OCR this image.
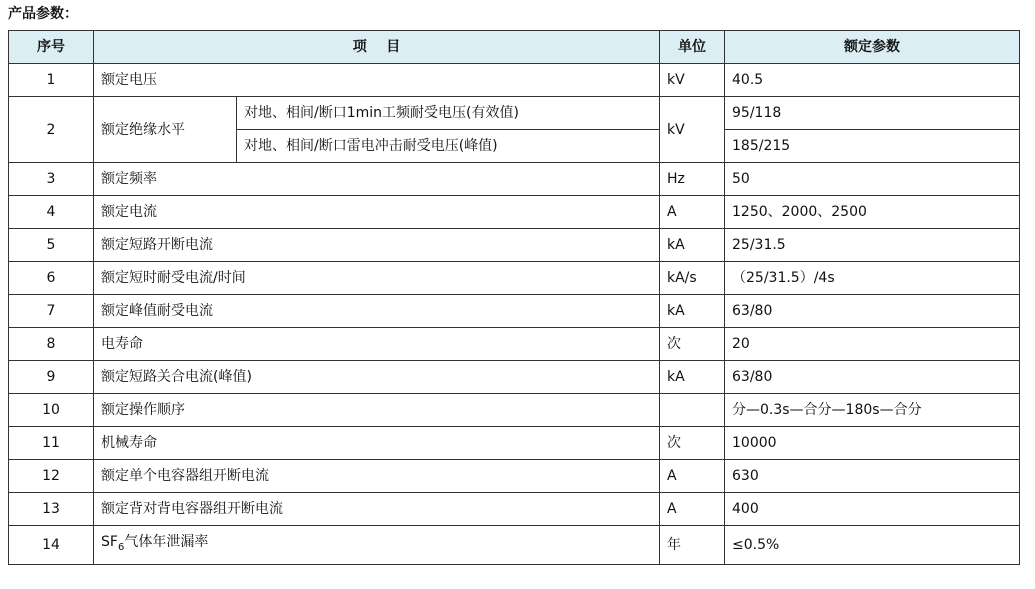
产品参数：

序号	项    目		单位	额定参数
1	额定电压		kV	40.5
2	额定绝缘水平	对地、相间/断口1min工频耐受电压(有效值)	kV	95/118
		对地、相间/断口雷电冲击耐受电压(峰值)		185/215
3	额定频率		Hz	50
4	额定电流		A	1250、2000、2500
5	额定短路开断电流		kA	25/31.5
6	额定短时耐受电流/时间		kA/s	（25/31.5）/4s
7	额定峰值耐受电流		kA	63/80
8	电寿命		次	20
9	额定短路关合电流(峰值)		kA	63/80
10	额定操作顺序			分—0.3s—合分—180s—合分
11	机械寿命		次	10000
12	额定单个电容器组开断电流		A	630
13	额定背对背电容器组开断电流		A	400
14	$SF_6$气体年泄漏率		年	≤0.5%
